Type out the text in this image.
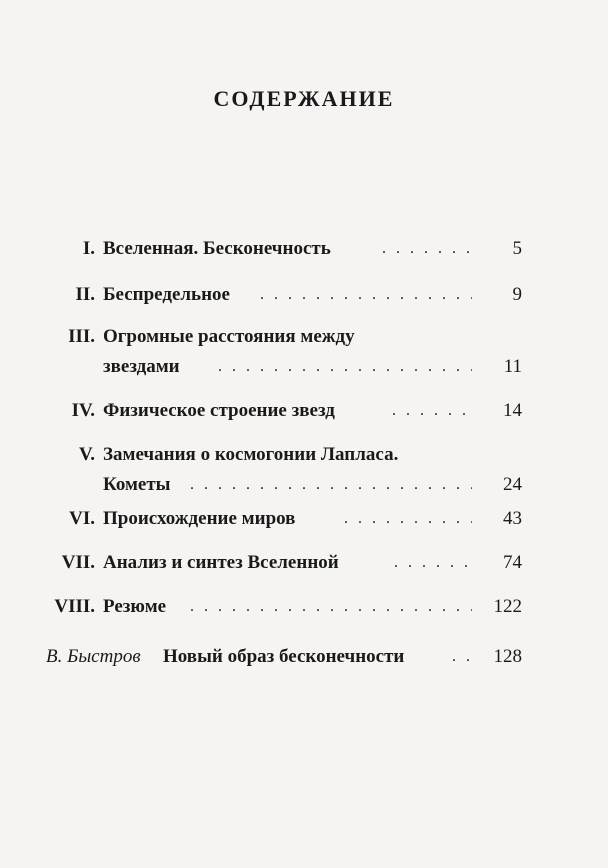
СОДЕРЖАНИЕ
I. Вселенная. Бесконечность . . .	5
II. Беспредельное . . .	9
III. Огромные расстояния между
звездами . . .	11
IV. Физическое строение звезд . . .	14
V. Замечания о космогонии Лапласа.
Кометы . . .	24
VI. Происхождение миров . . .	43
VII. Анализ и синтез Вселенной . . .	74
VIII. Резюме . . .	122
В. Быстров Новый образ бесконечности . . .	128
